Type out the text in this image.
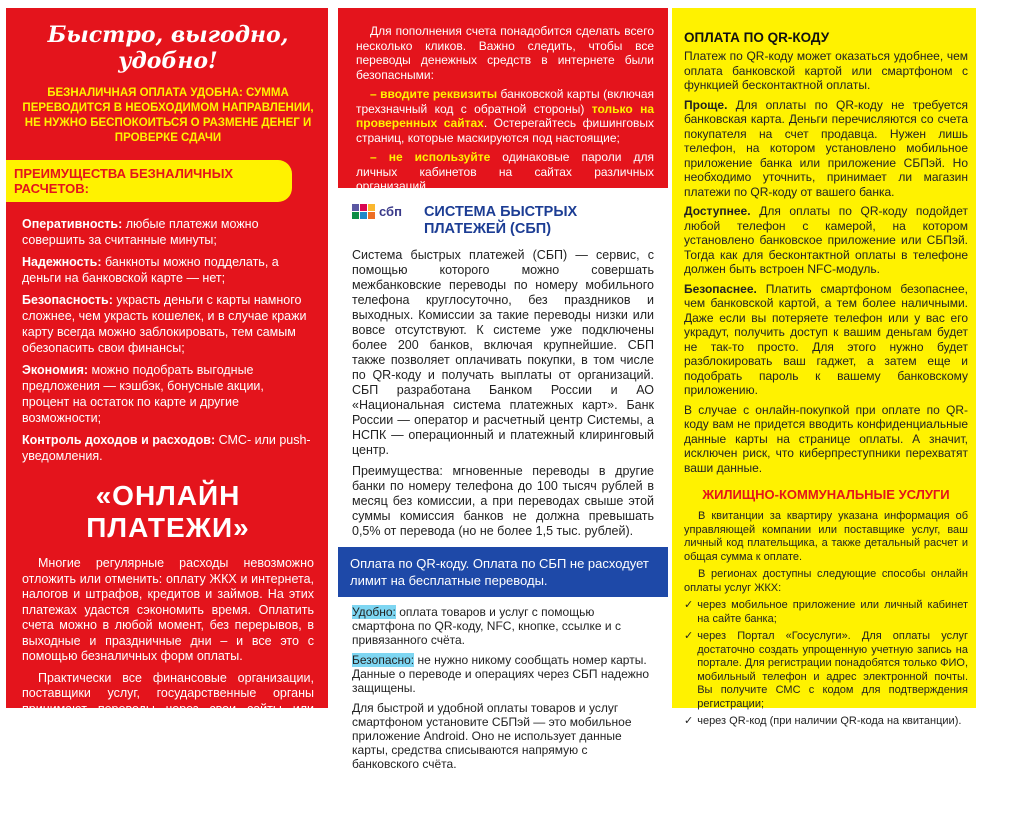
Быстро, выгодно, удобно!
БЕЗНАЛИЧНАЯ ОПЛАТА УДОБНА: СУММА ПЕРЕВОДИТСЯ В НЕОБХОДИМОМ НАПРАВЛЕНИИ, НЕ НУЖНО БЕСПОКОИТЬСЯ О РАЗМЕНЕ ДЕНЕГ И ПРОВЕРКЕ СДАЧИ
ПРЕИМУЩЕСТВА БЕЗНАЛИЧНЫХ РАСЧЕТОВ:

Оперативность: любые платежи можно совершить за считанные минуты;

Надежность: банкноты можно подделать, а деньги на банковской карте — нет;

Безопасность: украсть деньги с карты намного сложнее, чем украсть кошелек, и в случае кражи карту всегда можно заблокировать, тем самым обезопасить свои финансы;

Экономия: можно подобрать выгодные предложения — кэшбэк, бонусные акции, процент на остаток по карте и другие возможности;

Контроль доходов и расходов: СМС- или push-уведомления.

«ОНЛАЙН ПЛАТЕЖИ»

Многие регулярные расходы невозможно отложить или отменить: оплату ЖКХ и интернета, налогов и штрафов, кредитов и займов. На этих платежах удастся сэкономить время. Оплатить счета можно в любой момент, без перерывов, в выходные и праздничные дни – и все это с помощью безналичных форм оплаты.

Практически все финансовые организации, поставщики услуг, государственные органы принимают переводы через свои сайты или мобильные приложения. Банки также предлагают дистанционную оплату различных услуг через свои приложения и сайты.

Следует обращать внимание на комиссии, которые могут взимать при этом. Иногда они различаются даже при оплате одних и тех же услуг через разные сервисы.

Для пополнения счета понадобится сделать всего несколько кликов. Важно следить, чтобы все переводы денежных средств в интернете были безопасными:

– вводите реквизиты банковской карты (включая трехзначный код с обратной стороны) только на проверенных сайтах. Остерегайтесь фишинговых страниц, которые маскируются под настоящие;

– не используйте одинаковые пароли для личных кабинетов на сайтах различных организаций.

сбп СИСТЕМА БЫСТРЫХ ПЛАТЕЖЕЙ (СБП)

Система быстрых платежей (СБП) — сервис, с помощью которого можно совершать межбанковские переводы по номеру мобильного телефона круглосуточно, без праздников и выходных. Комиссии за такие переводы низки или вовсе отсутствуют. К системе уже подключены более 200 банков, включая крупнейшие. СБП также позволяет оплачивать покупки, в том числе по QR-коду и получать выплаты от организаций. СБП разработана Банком России и АО «Национальная система платежных карт». Банк России — оператор и расчетный центр Системы, а НСПК — операционный и платежный клиринговый центр.

Преимущества: мгновенные переводы в другие банки по номеру телефона до 100 тысяч рублей в месяц без комиссии, а при переводах свыше этой суммы комиссия банков не должна превышать 0,5% от перевода (но не более 1,5 тыс. рублей).

Оплата по QR-коду. Оплата по СБП не расходует лимит на бесплатные переводы.

Удобно: оплата товаров и услуг с помощью смартфона по QR-коду, NFC, кнопке, ссылке и с привязанного счёта.

Безопасно: не нужно никому сообщать номер карты. Данные о переводе и операциях через СБП надежно защищены.

Для быстрой и удобной оплаты товаров и услуг смартфоном установите СБПэй — это мобильное приложение Android. Оно не использует данные карты, средства списываются напрямую с банковского счёта.

ОПЛАТА ПО QR-КОДУ

Платеж по QR-коду может оказаться удобнее, чем оплата банковской картой или смартфоном с функцией бесконтактной оплаты.

Проще. Для оплаты по QR-коду не требуется банковская карта. Деньги перечисляются со счета покупателя на счет продавца. Нужен лишь телефон, на котором установлено мобильное приложение банка или приложение СБПэй. Но необходимо уточнить, принимает ли магазин платежи по QR-коду от вашего банка.

Доступнее. Для оплаты по QR-коду подойдет любой телефон с камерой, на котором установлено банковское приложение или СБПэй. Тогда как для бесконтактной оплаты в телефоне должен быть встроен NFC-модуль.

Безопаснее. Платить смартфоном безопаснее, чем банковской картой, а тем более наличными. Даже если вы потеряете телефон или у вас его украдут, получить доступ к вашим деньгам будет не так-то просто. Для этого нужно будет разблокировать ваш гаджет, а затем еще и подобрать пароль к вашему банковскому приложению.

В случае с онлайн-покупкой при оплате по QR-коду вам не придется вводить конфиденциальные данные карты на странице оплаты. А значит, исключен риск, что киберпреступники перехватят ваши данные.

ЖИЛИЩНО-КОММУНАЛЬНЫЕ УСЛУГИ

В квитанции за квартиру указана информация об управляющей компании или поставщике услуг, ваш личный код плательщика, а также детальный расчет и общая сумма к оплате.

В регионах доступны следующие способы онлайн оплаты услуг ЖКХ:

✓ через мобильное приложение или личный кабинет на сайте банка;

✓ через Портал «Госуслуги». Для оплаты услуг достаточно создать упрощенную учетную запись на портале. Для регистрации понадобятся только ФИО, мобильный телефон и адрес электронной почты. Вы получите СМС с кодом для подтверждения регистрации;

✓ через QR-код (при наличии QR-кода на квитанции).
